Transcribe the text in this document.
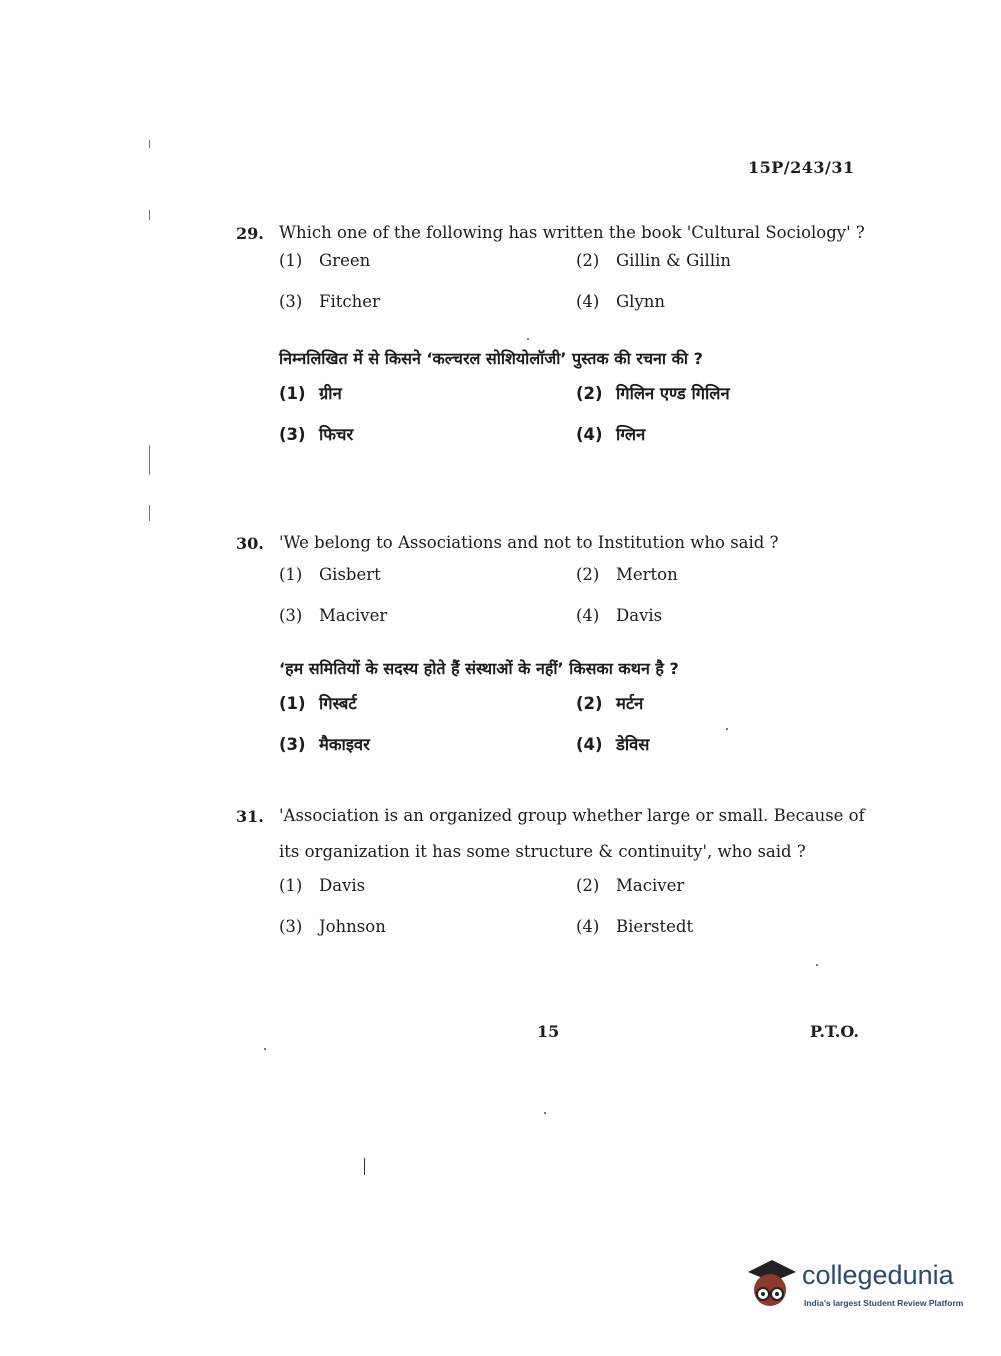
15P/243/31
29. Which one of the following has written the book 'Cultural Sociology' ?
(1) Green	(2) Gillin & Gillin
(3) Fitcher	(4) Glynn
निम्नलिखित में से किसने ‘कल्चरल सोशियोलॉजी’ पुस्तक की रचना की ?
(1) ग्रीन	(2) गिलिन एण्ड गिलिन
(3) फिचर	(4) ग्लिन
30. 'We belong to Associations and not to Institution who said ?
(1) Gisbert	(2) Merton
(3) Maciver	(4) Davis
‘हम समितियों के सदस्य होते हैं संस्थाओं के नहीं’ किसका कथन है ?
(1) गिस्बर्ट	(2) मर्टन
(3) मैकाइवर	(4) डेविस
31. 'Association is an organized group whether large or small. Because of its organization it has some structure & continuity', who said ?
(1) Davis	(2) Maciver
(3) Johnson	(4) Bierstedt
15	P.T.O.
collegedunia
India's largest Student Review Platform
